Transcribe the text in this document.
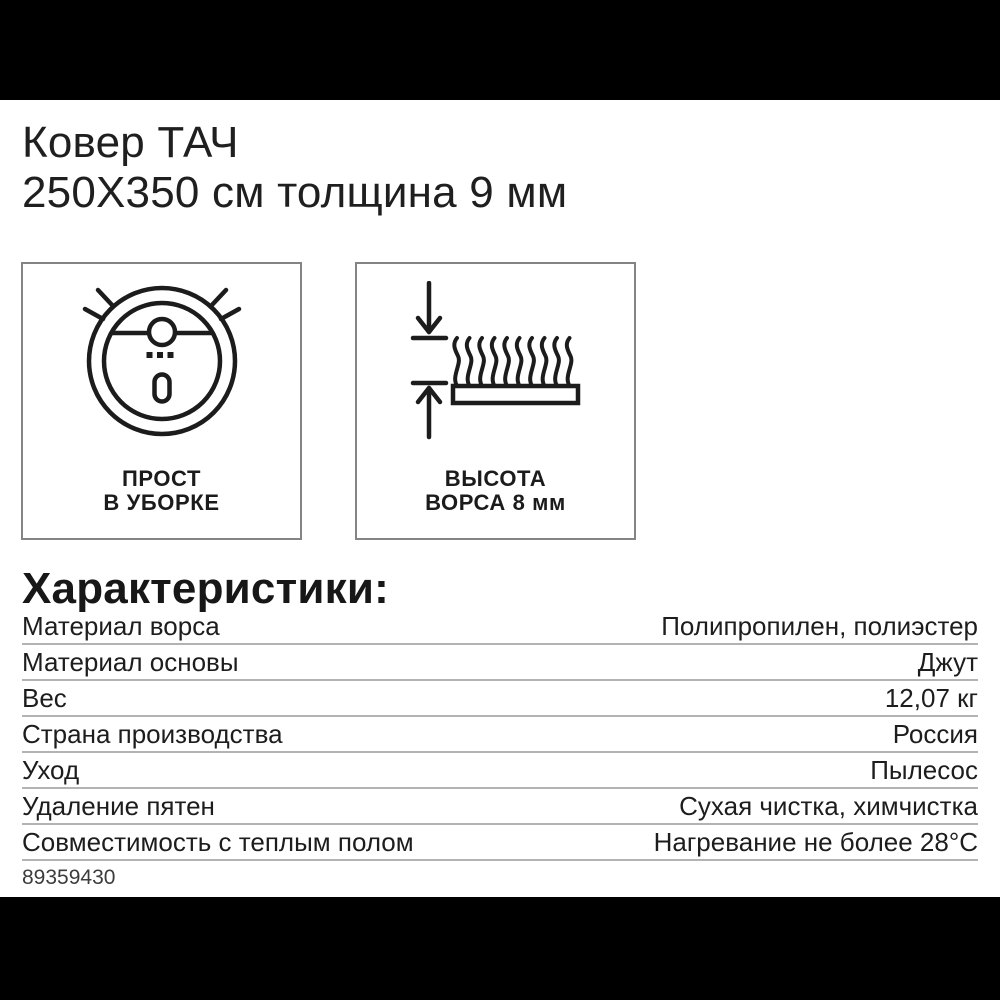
Ковер ТАЧ
250Х350 см толщина 9 мм
ПРОСТ
В УБОРКЕ
ВЫСОТА
ВОРСА 8 мм
Характеристики:
Материал ворса	Полипропилен, полиэстер
Материал основы	Джут
Вес	12,07 кг
Страна производства	Россия
Уход	Пылесос
Удаление пятен	Сухая чистка, химчистка
Совместимость с теплым полом	Нагревание не более 28°С
89359430
